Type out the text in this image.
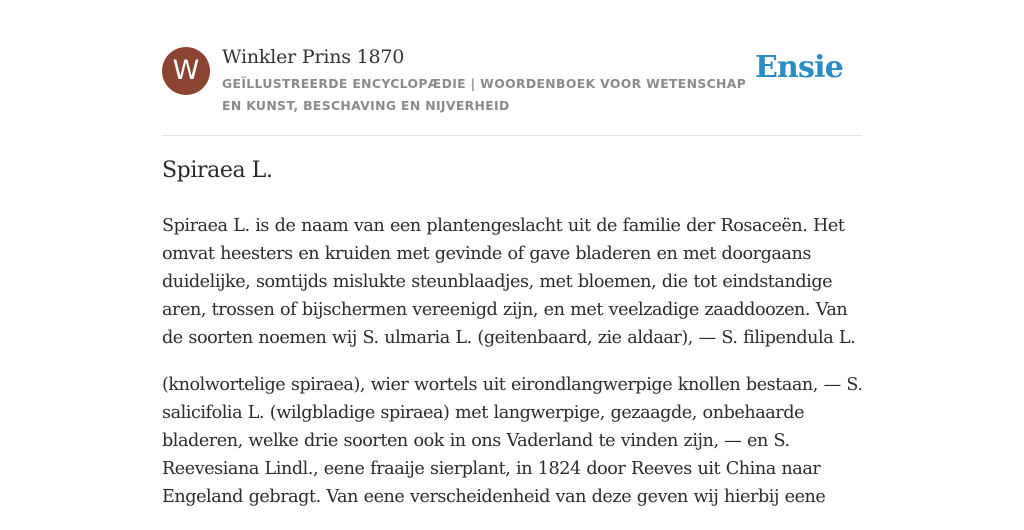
W	Winkler Prins 1870
GEÏLLUSTREERDE ENCYCLOPÆDIE | WOORDENBOEK VOOR WETENSCHAP EN KUNST, BESCHAVING EN NIJVERHEID
Ensie
Spiraea L.

Spiraea L. is de naam van een plantengeslacht uit de familie der Rosaceën. Het omvat heesters en kruiden met gevinde of gave bladeren en met doorgaans duidelijke, somtijds mislukte steunblaadjes, met bloemen, die tot eindstandige aren, trossen of bijschermen vereenigd zijn, en met veelzadige zaaddoozen. Van de soorten noemen wij S. ulmaria L. (geitenbaard, zie aldaar), — S. filipendula L.

(knolwortelige spiraea), wier wortels uit eirondlangwerpige knollen bestaan, — S. salicifolia L. (wilgbladige spiraea) met langwerpige, gezaagde, onbehaarde bladeren, welke drie soorten ook in ons Vaderland te vinden zijn, — en S. Reevesiana Lindl., eene fraaije sierplant, in 1824 door Reeves uit China naar Engeland gebragt. Van eene verscheidenheid van deze geven wij hierbij eene
